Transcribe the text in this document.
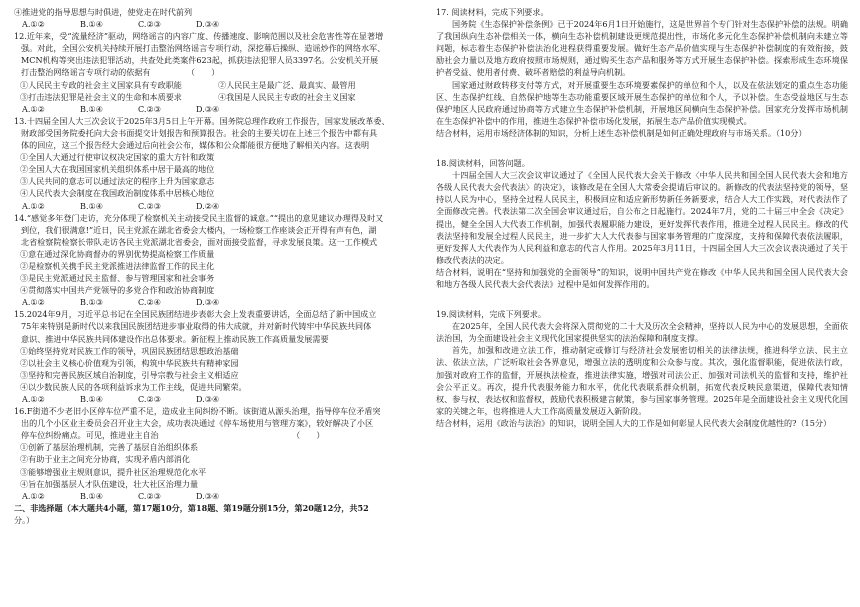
④推进党的指导思想与时俱进，使党走在时代前列
A.①②	B.①④	C.②③	D.③④
12.近年来，受“流量经济”驱动，网络谣言的内容广度、传播速度、影响范围以及社会危害性等在显著增
强。对此，全国公安机关持续开展打击整治网络谣言专项行动，深挖幕后操纵、造谣炒作的网络水军、
MCN机构等突出违法犯罪活动，共查处此类案件623起，抓获违法犯罪人员3397名。公安机关开展
打击整治网络谣言专项行动的依据有　　　　　（　　）
①人民民主专政的社会主义国家具有专政职能	②人民民主是最广泛、最真实、最管用
③打击违法犯罪是社会主义的生命和本质要求	④我国是人民民主专政的社会主义国家
A.①②	B.①④	C.②③	D.③④
13.十四届全国人大三次会议于2025年3月5日上午开幕。国务院总理作政府工作报告，国家发展改革委、
财政部受国务院委托向大会书面提交计划报告和预算报告。社会的主要关切在上述三个报告中都有具
体的回应，这三个报告经大会通过后向社会公布，媒体和公众都能很方便地了解相关内容。这表明
①全国人大通过行使审议权决定国家的重大方针和政策
②全国人大在我国国家机关组织体系中居于最高的地位
③人民共同的意志可以通过法定的程序上升为国家意志
④人民代表大会制度在我国政治制度体系中居核心地位
A.①②	B.①④	C.②③	D.②④
14.“感觉多年登门走访，充分体现了检察机关主动接受民主监督的诚意。”“提出的意见建议办理得及时又
到位，我们很满意!”近日，民主党派在湖北省委会大楼内，一场检察工作座谈会正开得有声有色，湖
北省检察院检察长带队走访各民主党派湖北省委会，面对面接受监督，寻求发展良策。这一工作模式
①意在通过深化协商督办的界别优势提高检察工作质量
②是检察机关携手民主党派推进法律监督工作的民主化
③是民主党派通过民主监督、参与管理国家和社会事务
④贯彻落实中国共产党领导的多党合作和政治协商制度
A.①②	B.①③	C.②④	D.③④
15.2024年9月，习近平总书记在全国民族团结进步表彰大会上发表重要讲话，全面总结了新中国成立
75年来特别是新时代以来我国民族团结进步事业取得的伟大成就，并对新时代铸牢中华民族共同体
意识、推进中华民族共同体建设作出总体要求。新征程上推动民族工作高质量发展需要
①始终坚持党对民族工作的领导，巩固民族团结思想政治基础
②以社会主义核心价值观为引领，构筑中华民族共有精神家园
③坚持和完善民族区域自治制度，引导宗教与社会主义相适应
④以少数民族人民的各项利益诉求为工作主线，促进共同繁荣。
A.①②	B.①④	C.②③	D.③④
16.F街道不少老旧小区停车位严重不足，造成业主间纠纷不断。该街道从源头治理，指导停车位矛盾突
出的几个小区业主委员会召开业主大会，成功表决通过《停车场使用与管理方案》，较好解决了小区
停车位纠纷痛点。可见，推进业主自治　　　　　　　　　　　　　　　　　（　　）
①创新了基层治理机制，完善了基层自治组织体系
②有助于业主之间充分协商，实现矛盾内部消化
③能够增强业主规则意识，提升社区治理规范化水平
④旨在加强基层人才队伍建设，壮大社区治理力量
A.①②	B.①④	C.②③	D.③④
二、非选择题（本大题共4小题，第17题10分，第18题、第19题分别15分，第20题12分，共52
分。）
17. 阅读材料，完成下列要求。
国务院《生态保护补偿条例》已于2024年6月1日开始施行，这是世界首个专门针对生态保护补偿的法规。明确了我国纵向生态补偿相关一体，横向生态补偿机制建设更规范提出性，市场化多元化生态保护补偿机制向未建立等问题，标志着生态保护补偿法治化进程获得重要发展。做好生态产品价值实现与生态保护补偿制度的有效衔接，鼓励社会力量以及地方政府按照市场规则，通过购买生态产品和服务等方式开展生态保护补偿。探索形成生态环境保护者受益、使用者付费、破坏者赔偿的利益导向机制。
国家通过财政转移支付等方式，对开展重要生态环境要素保护的单位和个人，以及在依法划定的重点生态功能区、生态保护红线、自然保护地等生态功能重要区域开展生态保护的单位和个人，予以补偿。生态受益地区与生态保护地区人民政府通过协商等方式建立生态保护补偿机制，开展地区间横向生态保护补偿。国家充分发挥市场机制在生态保护补偿中的作用，推进生态保护补偿市场化发展，拓展生态产品价值实现模式。
结合材料，运用市场经济体制的知识，分析上述生态补偿机制是如何正确处理政府与市场关系。（10分）
18.阅读材料，回答问题。
十四届全国人大三次会议审议通过了《全国人民代表大会关于修改〈中华人民共和国全国人民代表大会和地方各级人民代表大会代表法〉的决定》，该修改是在全国人大常委会提请后审议的。新修改的代表法坚持党的领导，坚持以人民为中心，坚持全过程人民民主，积极回应和适应新形势新任务新要求，结合人大工作实践，对代表法作了全面修改完善。代表法第二次全国会审议通过后，自公布之日起施行。2024年7月，党的二十届三中全会《决定》提出，健全全国人大代表工作机制，加强代表履职能力建设，更好发挥代表作用，推进全过程人民民主。修改的代表法坚持和发展全过程人民民主，进一步扩大人大代表参与国家事务管理的广度深度，支持和保障代表依法履职，更好发挥人大代表作为人民利益和意志的代言人作用。2025年3月11日，十四届全国人大三次会议表决通过了关于修改代表法的决定。
结合材料，说明在“坚持和加强党的全面领导”的知识，说明中国共产党在修改《中华人民共和国全国人民代表大会和地方各级人民代表大会代表法》过程中是如何发挥作用的。
19.阅读材料，完成下列要求。
在2025年，全国人民代表大会将深入贯彻党的二十大及历次全会精神，坚持以人民为中心的发展思想，全面依法治国，为全面建设社会主义现代化国家提供坚实的法治保障和制度支撑。
首先，加强和改进立法工作，推动制定或修订与经济社会发展密切相关的法律法规，推进科学立法、民主立法、依法立法，广泛听取社会各界意见，增强立法的透明度和公众参与度。其次，强化监督职能，促进依法行政，加强对政府工作的监督，开展执法检查，推进法律实施，增强对司法公正、加强对司法机关的监督和支持，维护社会公平正义。再次，提升代表服务能力和水平，优化代表联系群众机制，拓宽代表反映民意渠道，保障代表知情权、参与权、表达权和监督权，鼓励代表积极建言献策，参与国家事务管理。2025年是全面建设社会主义现代化国家的关键之年，也将推进人大工作高质量发展迈入新阶段。
结合材料，运用《政治与法治》的知识，说明全国人大的工作是如何彰显人民代表大会制度优越性的?（15分）
